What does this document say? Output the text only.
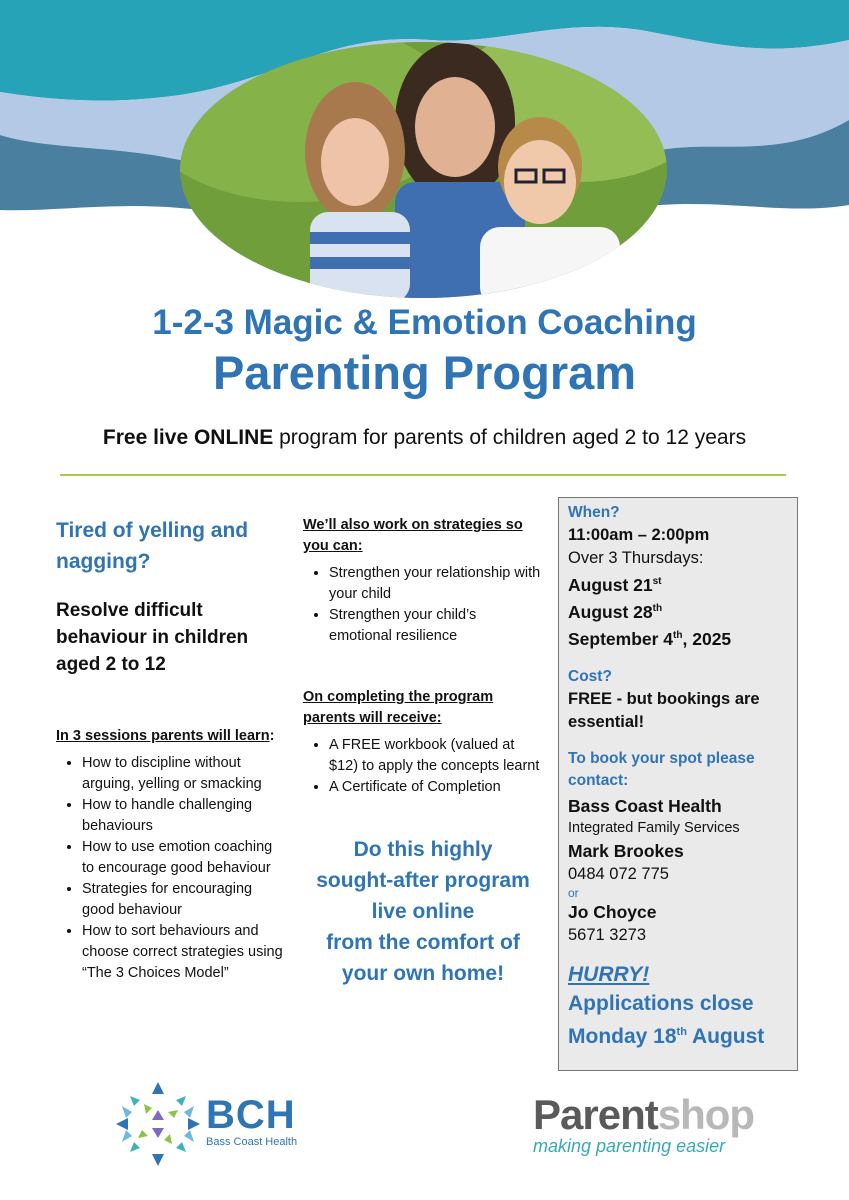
1-2-3 Magic & Emotion Coaching
Parenting Program
Free live ONLINE program for parents of children aged 2 to 12 years

Tired of yelling and nagging?

Resolve difficult behaviour in children aged 2 to 12

In 3 sessions parents will learn:

• How to discipline without arguing, yelling or smacking
• How to handle challenging behaviours
• How to use emotion coaching to encourage good behaviour
• Strategies for encouraging good behaviour
• How to sort behaviours and choose correct strategies using “The 3 Choices Model”

We’ll also work on strategies so you can:

• Strengthen your relationship with your child
• Strengthen your child’s emotional resilience

On completing the program parents will receive:

• A FREE workbook (valued at $12) to apply the concepts learnt
• A Certificate of Completion
Do this highly
sought-after program
live online
from the comfort of
your own home!
When?
11:00am – 2:00pm
Over 3 Thursdays:
August 21st
August 28th
September 4th, 2025
Cost?
FREE - but bookings are essential!
To book your spot please contact:
Bass Coast Health
Integrated Family Services
Mark Brookes
0484 072 775
or
Jo Choyce
5671 3273
HURRY!
Applications close
Monday 18th August
BCH
Bass Coast Health
Parentshop
making parenting easier
